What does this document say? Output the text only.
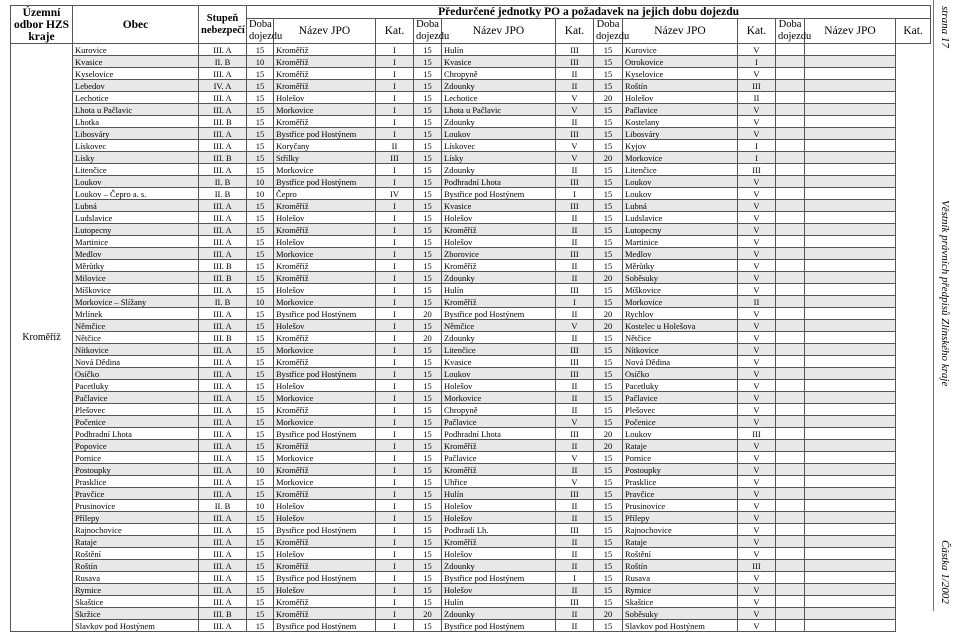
Územní odbor HZS kraje	Obec	Stupeň nebezpečí	Předurčené jednotky PO a požadavek na jejich dobu dojezdu											
			Doba dojezdu	Název JPO	Kat.	Doba dojezdu	Název JPO	Kat.	Doba dojezdu	Název JPO	Kat.	Doba dojezdu	Název JPO	Kat.

Kroměříž	Kurovice	III. A	15	Kroměříž	I	15	Hulín	III	15	Kurovice	V			
	Kvasice	II. B	10	Kroměříž	I	15	Kvasice	III	15	Otrokovice	I			
	Kyselovice	III. A	15	Kroměříž	I	15	Chropyně	II	15	Kyselovice	V			
	Lebedov	IV. A	15	Kroměříž	I	15	Zdounky	II	15	Roštín	III			
	Lechotice	III. A	15	Holešov	I	15	Lechotice	V	20	Holešov	II			
	Lhota u Pačlavic	III. A	15	Morkovice	I	15	Lhota u Pačlavic	V	15	Pačlavice	V			
	Lhotka	III. B	15	Kroměříž	I	15	Zdounky	II	15	Kostelany	V			
	Libosváry	III. A	15	Bystřice pod Hostýnem	I	15	Loukov	III	15	Libosváry	V			
	Lískovec	III. A	15	Koryčany	II	15	Lískovec	V	15	Kyjov	I			
	Lísky	III. B	15	Střílky	III	15	Lísky	V	20	Morkovice	I			
	Litenčice	III. A	15	Morkovice	I	15	Zdounky	II	15	Litenčice	III			
	Loukov	II. B	10	Bystřice pod Hostýnem	I	15	Podhradní Lhota	III	15	Loukov	V			
	Loukov – Čepro a. s.	II. B	10	Čepro	IV	15	Bystřice pod Hostýnem	I	15	Loukov	V			
	Lubná	III. A	15	Kroměříž	I	15	Kvasice	III	15	Lubná	V			
	Ludslavice	III. A	15	Holešov	I	15	Holešov	II	15	Ludslavice	V			
	Lutopecny	III. A	15	Kroměříž	I	15	Kroměříž	II	15	Lutopecny	V			
	Martinice	III. A	15	Holešov	I	15	Holešov	II	15	Martinice	V			
	Medlov	III. A	15	Morkovice	I	15	Zborovice	III	15	Medlov	V			
	Měrůtky	III. B	15	Kroměříž	I	15	Kroměříž	II	15	Měrůtky	V			
	Milovice	III. B	15	Kroměříž	I	15	Zdounky	II	20	Soběsuky	V			
	Míškovice	III. A	15	Holešov	I	15	Hulín	III	15	Míškovice	V			
	Morkovice – Slížany	II. B	10	Morkovice	I	15	Kroměříž	I	15	Morkovice	II			
	Mrlínek	III. A	15	Bystřice pod Hostýnem	I	20	Bystřice pod Hostýnem	II	20	Rychlov	V			
	Němčice	III. A	15	Holešov	I	15	Němčice	V	20	Kostelec u Holešova	V			
	Nětčice	III. B	15	Kroměříž	I	20	Zdounky	II	15	Nětčice	V			
	Nítkovice	III. A	15	Morkovice	I	15	Litenčice	III	15	Nítkovice	V			
	Nová Dědina	III. A	15	Kroměříž	I	15	Kvasice	III	15	Nová Dědina	V			
	Osíčko	III. A	15	Bystřice pod Hostýnem	I	15	Loukov	III	15	Osíčko	V			
	Pacetluky	III. A	15	Holešov	I	15	Holešov	II	15	Pacetluky	V			
	Pačlavice	III. A	15	Morkovice	I	15	Morkovice	II	15	Pačlavice	V			
	Plešovec	III. A	15	Kroměříž	I	15	Chropyně	II	15	Plešovec	V			
	Počenice	III. A	15	Morkovice	I	15	Pačlavice	V	15	Počenice	V			
	Podhradní Lhota	III. A	15	Bystřice pod Hostýnem	I	15	Podhradní Lhota	III	20	Loukov	III			
	Popovice	III. A	15	Kroměříž	I	15	Kroměříž	II	20	Rataje	V			
	Pornice	III. A	15	Morkovice	I	15	Pačlavice	V	15	Pornice	V			
	Postoupky	III. A	10	Kroměříž	I	15	Kroměříž	II	15	Postoupky	V			
	Prasklice	III. A	15	Morkovice	I	15	Uhřice	V	15	Prasklice	V			
	Pravčice	III. A	15	Kroměříž	I	15	Hulín	III	15	Pravčice	V			
	Prusinovice	II. B	10	Holešov	I	15	Holešov	II	15	Prusinovice	V			
	Přílepy	III. A	15	Holešov	I	15	Holešov	II	15	Přílepy	V			
	Rajnochovice	III. A	15	Bystřice pod Hostýnem	I	15	Podhradí Lh.	III	15	Rajnochovice	V			
	Rataje	III. A	15	Kroměříž	I	15	Kroměříž	II	15	Rataje	V			
	Roštění	III. A	15	Holešov	I	15	Holešov	II	15	Roštění	V			
	Roštín	III. A	15	Kroměříž	I	15	Zdounky	II	15	Roštín	III			
	Rusava	III. A	15	Bystřice pod Hostýnem	I	15	Bystřice pod Hostýnem	I	15	Rusava	V			
	Rymice	III. A	15	Holešov	I	15	Holešov	II	15	Rymice	V			
	Skaštice	III. A	15	Kroměříž	I	15	Hulín	III	15	Skaštice	V			
	Skržice	III. B	15	Kroměříž	I	20	Zdounky	II	20	Soběsuky	V			
	Slavkov pod Hostýnem	III. A	15	Bystřice pod Hostýnem	I	15	Bystřice pod Hostýnem	II	15	Slavkov pod Hostýnem	V			
strana 17
Věstník právních předpisů Zlínského kraje
Částka 1/2002
